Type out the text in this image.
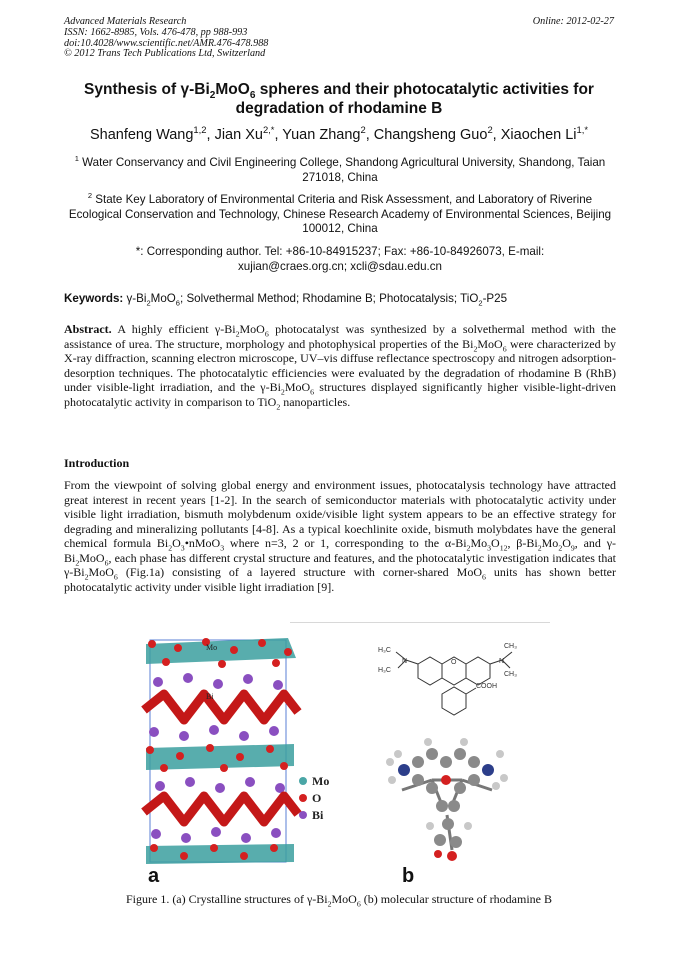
Advanced Materials Research
ISSN: 1662-8985, Vols. 476-478, pp 988-993
doi:10.4028/www.scientific.net/AMR.476-478.988
© 2012 Trans Tech Publications Ltd, Switzerland
Online: 2012-02-27
Synthesis of $\gamma-Bi_2MoO_6$ spheres and their photocatalytic activities for
degradation of rhodamine B
Shanfeng Wang$^{1,2}$, Jian $Xu^{2,*}$, Yuan Zhang$^2$, Changsheng Guo$^2$, Xiaochen $Li^{1,*}$
$^1$ Water Conservancy and Civil Engineering College, Shandong Agricultural University, Shandong, Taian 271018, China
$^2$ State Key Laboratory of Environmental Criteria and Risk Assessment, and Laboratory of Riverine Ecological Conservation and Technology, Chinese Research Academy of Environmental Sciences, Beijing 100012, China
*: Corresponding author. Tel: +86-10-84915237; Fax: +86-10-84926073, E-mail: xujian@craes.org.cn; xcli@sdau.edu.cn
Keywords: $\gamma-Bi_2MoO_6$; Solvethermal Method; Rhodamine B; Photocatalysis; TiO$_2$-P25
Abstract. A highly efficient $\gamma-Bi_2MoO_6$ photocatalyst was synthesized by a solvethermal method with the assistance of urea. The structure, morphology and photophysical properties of the $Bi_2MoO_6$ were characterized by X-ray diffraction, scanning electron microscope, UV–vis diffuse reflectance spectroscopy and nitrogen adsorption-desorption techniques. The photocatalytic efficiencies were evaluated by the degradation of rhodamine B (RhB) under visible-light irradiation, and the $\gamma-Bi_2MoO_6$ structures displayed significantly higher visible-light-driven photocatalytic activity in comparison to TiO$_2$ nanoparticles.
Introduction
From the viewpoint of solving global energy and environment issues, photocatalysis technology have attracted great interest in recent years [1-2]. In the search of semiconductor materials with photocatalytic activity under visible light irradiation, bismuth molybdenum oxide/visible light system appears to be an effective strategy for degrading and mineralizing pollutants [4-8]. As a typical koechlinite oxide, bismuth molybdates have the general chemical formula $Bi_2O_3•nMoO_3$ where n=3, 2 or 1, corresponding to the $\alpha-Bi_2Mo_3O_{12}$, $\beta-Bi_2Mo_2O_9$, and $\gamma-Bi_2MoO_6$, each phase has different crystal structure and features, and the photocatalytic investigation indicates that $\gamma-Bi_2MoO_6$ (Fig.1a) consisting of a layered structure with corner-shared MoO$_6$ units has shown better photocatalytic activity under visible light irradiation [9].
Mo
Bi
Mo
O
Bi
a
H₃C
H₃C
CH₃
CH₃
N	N
O
COOH
b
Figure 1. (a) Crystalline structures of $\gamma-Bi_2MoO_6$ (b) molecular structure of rhodamine B
